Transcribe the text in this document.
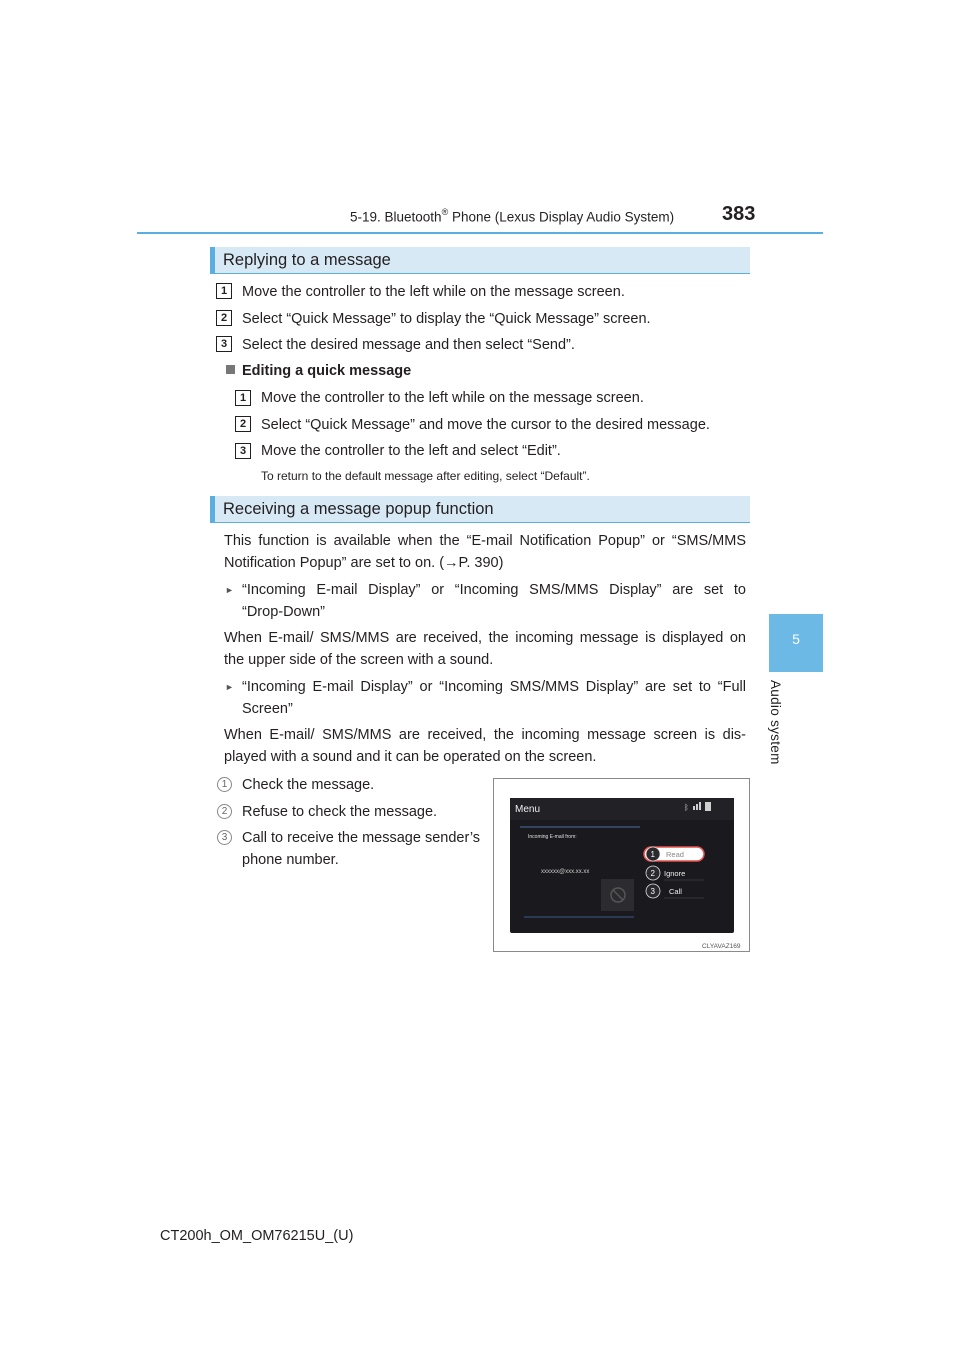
5-19. Bluetooth® Phone (Lexus Display Audio System) 383
5
Audio system
Replying to a message
1	Move the controller to the left while on the message screen.
2	Select “Quick Message” to display the “Quick Message” screen.
3	Select the desired message and then select “Send”.
Editing a quick message
1	Move the controller to the left while on the message screen.
2	Select “Quick Message” and move the cursor to the desired message.
3	Move the controller to the left and select “Edit”.
To return to the default message after editing, select “Default”.
Receiving a message popup function
This function is available when the “E-mail Notification Popup” or “SMS/MMS
Notification Popup” are set to on. (→P. 390)
► “Incoming E-mail Display” or “Incoming SMS/MMS Display” are set to
“Drop-Down”
When E-mail/ SMS/MMS are received, the incoming message is displayed on
the upper side of the screen with a sound.
► “Incoming E-mail Display” or “Incoming SMS/MMS Display” are set to “Full
Screen”
When E-mail/ SMS/MMS are received, the incoming message screen is dis-
played with a sound and it can be operated on the screen.
1	Check the message.
2	Refuse to check the message.
3	Call to receive the message sender’s
phone number.
Menu	ᛒ
Incoming E-mail from:
xxxxxx@xxx.xx.xx
Read
1
Ignore
2
Call
3
CLYAVAZ169
CT200h_OM_OM76215U_(U)
